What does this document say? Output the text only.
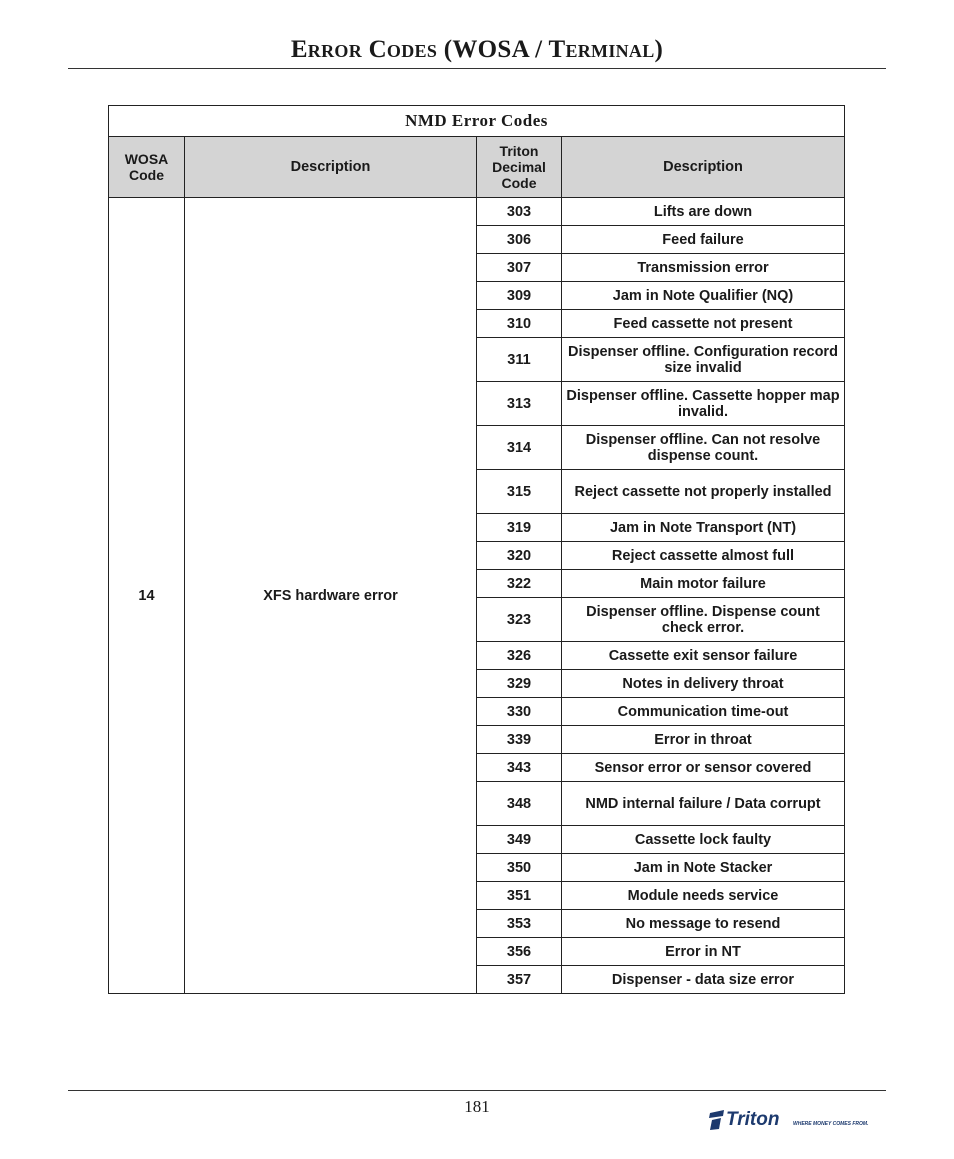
Error Codes (WOSA / Terminal)
NMD Error Codes			
WOSA Code	Description	Triton Decimal Code	Description
14	XFS hardware error	303	Lifts are down
		306	Feed failure
		307	Transmission error
		309	Jam in Note Qualifier (NQ)
		310	Feed cassette not present
		311	Dispenser offline. Configuration record size invalid
		313	Dispenser offline. Cassette hopper map invalid.
		314	Dispenser offline. Can not resolve dispense count.
		315	Reject cassette not properly installed
		319	Jam in Note Transport (NT)
		320	Reject cassette almost full
		322	Main motor failure
		323	Dispenser offline. Dispense count check error.
		326	Cassette exit sensor failure
		329	Notes in delivery throat
		330	Communication time-out
		339	Error in throat
		343	Sensor error or sensor covered
		348	NMD internal failure / Data corrupt
		349	Cassette lock faulty
		350	Jam in Note Stacker
		351	Module needs service
		353	No message to resend
		356	Error in NT
		357	Dispenser - data size error
181
Triton	WHERE MONEY COMES FROM.
